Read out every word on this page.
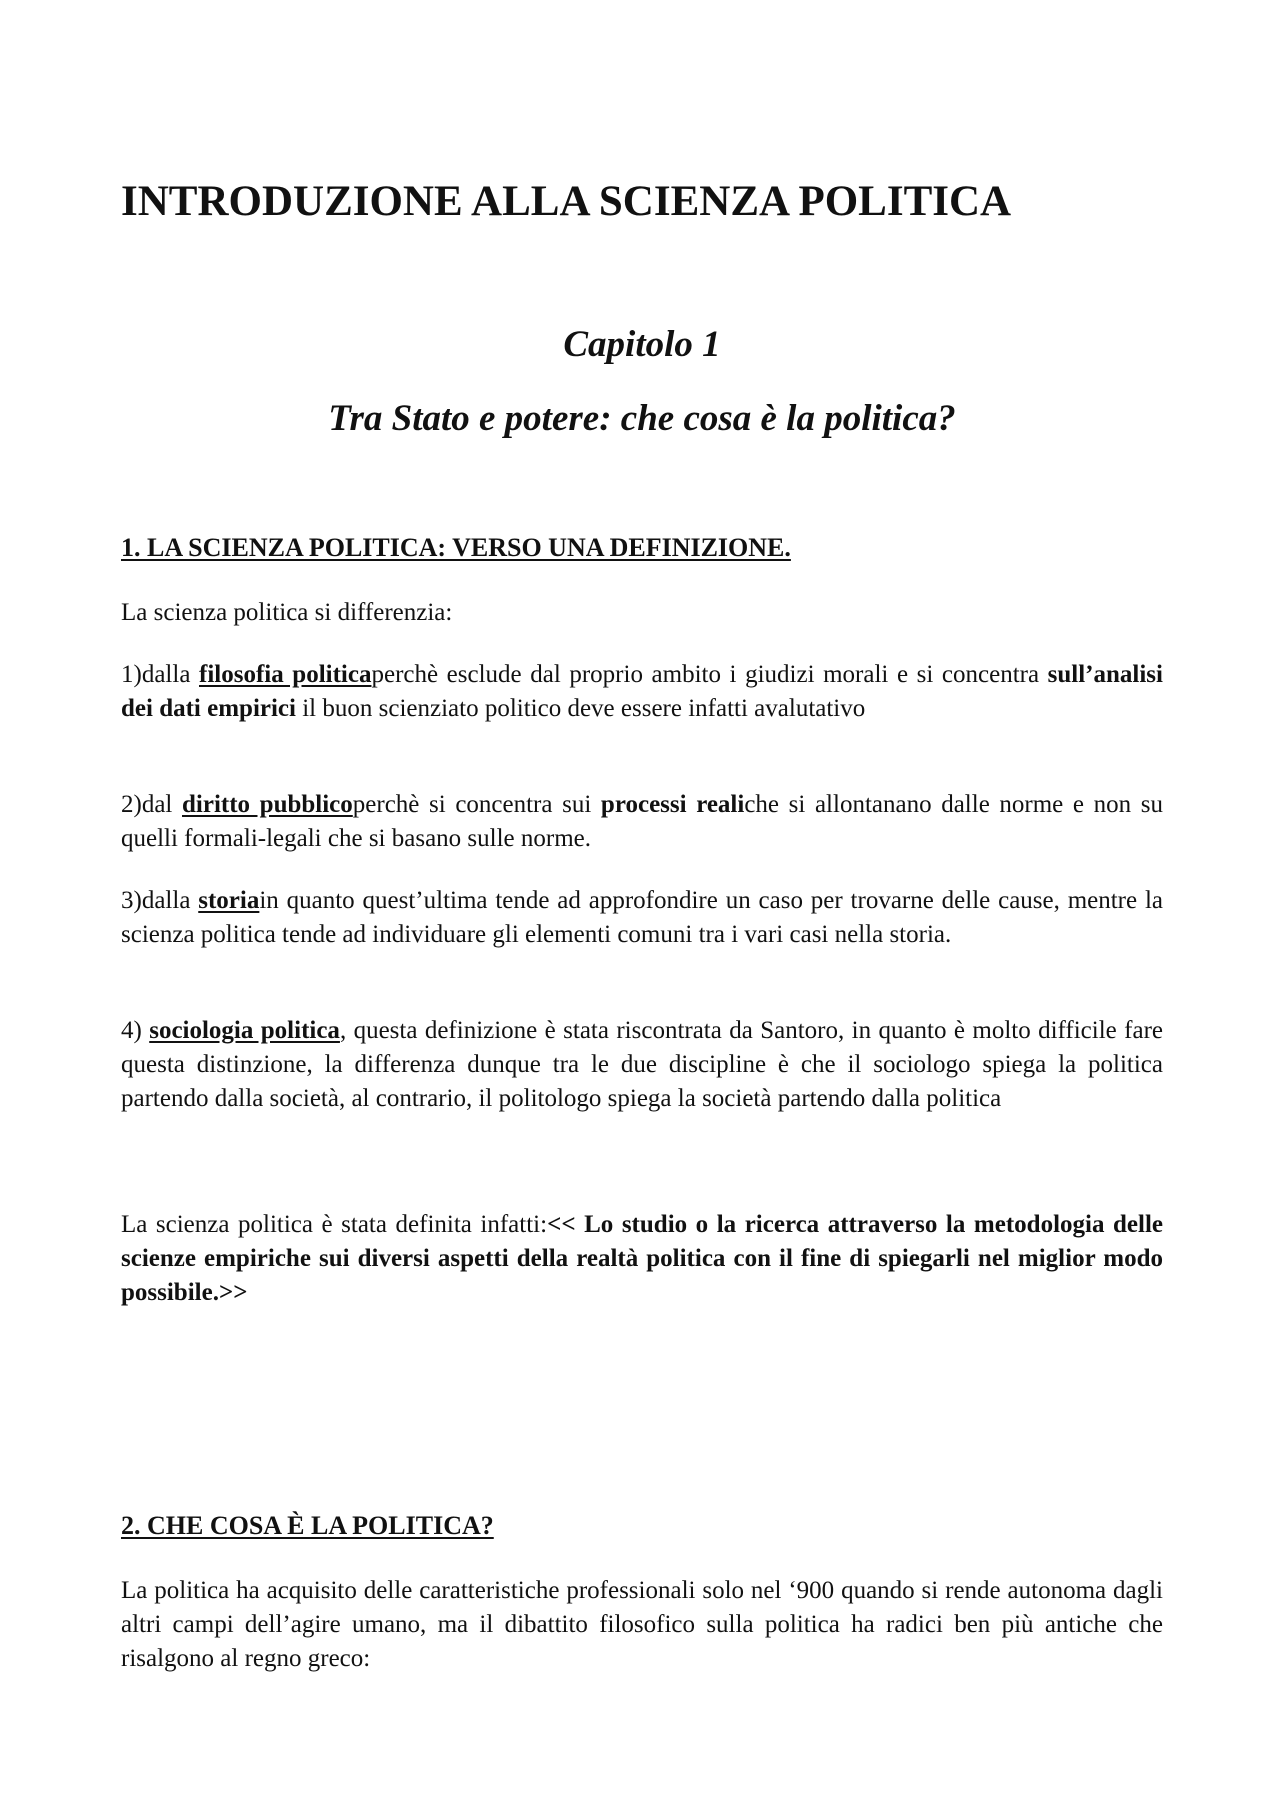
INTRODUZIONE ALLA SCIENZA POLITICA
Capitolo 1
Tra Stato e potere: che cosa è la politica?
1. LA SCIENZA POLITICA: VERSO UNA DEFINIZIONE.

La scienza politica si differenzia:

1)dalla filosofia politicaperchè esclude dal proprio ambito i giudizi morali e si concentra sull’analisi dei dati empirici il buon scienziato politico deve essere infatti avalutativo

2)dal diritto pubblicoperchè si concentra sui processi realiche si allontanano dalle norme e non su quelli formali-legali che si basano sulle norme.

3)dalla storiain quanto quest’ultima tende ad approfondire un caso per trovarne delle cause, mentre la scienza politica tende ad individuare gli elementi comuni tra i vari casi nella storia.

4) sociologia politica, questa definizione è stata riscontrata da Santoro, in quanto è molto difficile fare questa distinzione, la differenza dunque tra le due discipline è che il sociologo spiega la politica partendo dalla società, al contrario, il politologo spiega la società partendo dalla politica

La scienza politica è stata definita infatti:<< Lo studio o la ricerca attraverso la metodologia delle scienze empiriche sui diversi aspetti della realtà politica con il fine di spiegarli nel miglior modo possibile.>>

2. CHE COSA È LA POLITICA?

La politica ha acquisito delle caratteristiche professionali solo nel ‘900 quando si rende autonoma dagli altri campi dell’agire umano, ma il dibattito filosofico sulla politica ha radici ben più antiche che risalgono al regno greco:
